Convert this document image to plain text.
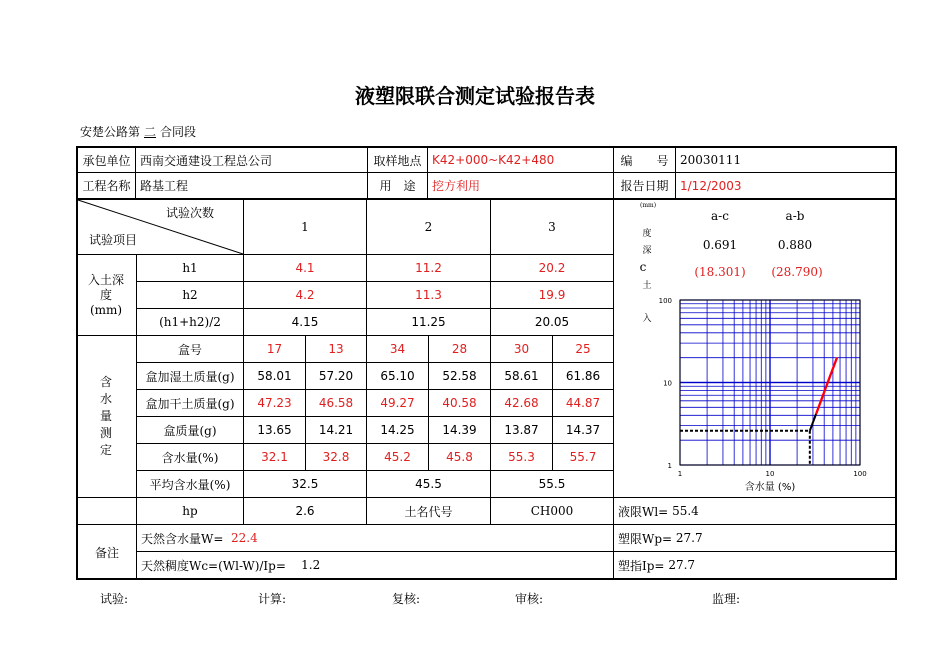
液塑限联合测定试验报告表
安楚公路第 二 合同段
承包单位 西南交通建设工程总公司	取样地点 K42+000~K42+480	编　　号 20030111
工程名称 路基工程	用　途	挖方利用	报告日期 1/12/2003
试验次数
试验项目
1	2	3
入土深度(mm)
h1	4.1	11.2	20.2
h2	4.2	11.3	19.9
(h1+h2)/2	4.15	11.25	20.05
含水量测定
盒号	17	13	34	28	30	25
盒加湿土质量(g)	58.01	57.20	65.10	52.58	58.61	61.86
盒加干土质量(g)	47.23	46.58	49.27	40.58	42.68	44.87
盒质量(g)	13.65	14.21	14.25	14.39	13.87	14.37
含水量(%)	32.1	32.8	45.2	45.8	55.3	55.7
平均含水量(%)	32.5	45.5	55.5
hp	2.6	土名代号	CH000	液限Wl=
55.4
备注
天然含水量W=
22.4
天然稠度Wc=(Wl-W)/Ip=
1.2
塑限Wp=
27.7
塑指Ip=
27.7
a-c	a-b
0.691	0.880
(18.301)	(28.790)
c
(mm)
度
深
土
入
1
10
100
1	10	100
含水量 (%)
试验:	计算:	复核:	审核:	监理:
